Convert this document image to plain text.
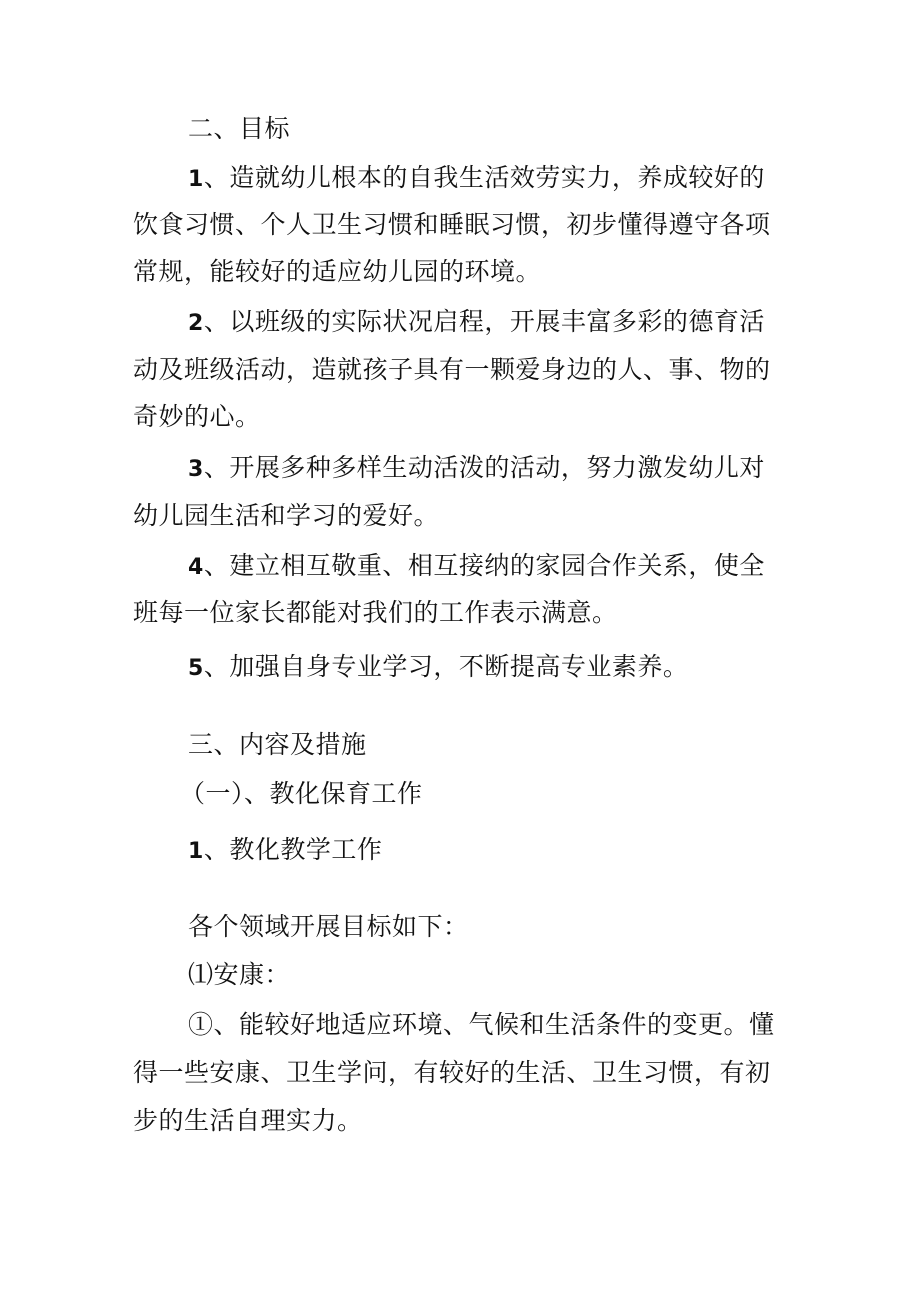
二、目标
1、造就幼儿根本的自我生活效劳实力，养成较好的
饮食习惯、个人卫生习惯和睡眠习惯，初步懂得遵守各项
常规，能较好的适应幼儿园的环境。
2、以班级的实际状况启程，开展丰富多彩的德育活
动及班级活动，造就孩子具有一颗爱身边的人、事、物的
奇妙的心。
3、开展多种多样生动活泼的活动，努力激发幼儿对
幼儿园生活和学习的爱好。
4、建立相互敬重、相互接纳的家园合作关系，使全
班每一位家长都能对我们的工作表示满意。
5、加强自身专业学习，不断提高专业素养。
三、内容及措施
（一）、教化保育工作
1、教化教学工作
各个领域开展目标如下：
⑴安康：
①、能较好地适应环境、气候和生活条件的变更。懂
得一些安康、卫生学问，有较好的生活、卫生习惯，有初
步的生活自理实力。
